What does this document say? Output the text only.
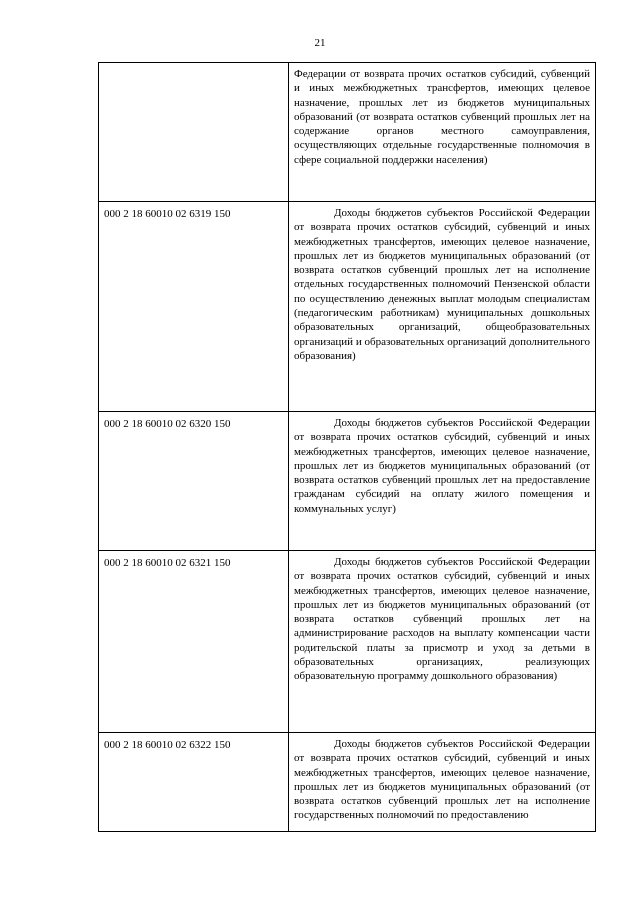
21

	Федерации от возврата прочих остатков субсидий, субвенций и иных межбюджетных трансфертов, имеющих целевое назначение, прошлых лет из бюджетов муниципальных образований (от возврата остатков субвенций прошлых лет на содержание органов местного самоуправления, осуществляющих отдельные государственные полномочия в сфере социальной поддержки населения)

000 2 18 60010 02 6319 150	Доходы бюджетов субъектов Российской Федерации от возврата прочих остатков субсидий, субвенций и иных межбюджетных трансфертов, имеющих целевое назначение, прошлых лет из бюджетов муниципальных образований (от возврата остатков субвенций прошлых лет на исполнение отдельных государственных полномочий Пензенской области по осуществлению денежных выплат молодым специалистам (педагогическим работникам) муниципальных дошкольных образовательных организаций, общеобразовательных организаций и образовательных организаций дополнительного образования)

000 2 18 60010 02 6320 150	Доходы бюджетов субъектов Российской Федерации от возврата прочих остатков субсидий, субвенций и иных межбюджетных трансфертов, имеющих целевое назначение, прошлых лет из бюджетов муниципальных образований (от возврата остатков субвенций прошлых лет на предоставление гражданам субсидий на оплату жилого помещения и коммунальных услуг)

000 2 18 60010 02 6321 150	Доходы бюджетов субъектов Российской Федерации от возврата прочих остатков субсидий, субвенций и иных межбюджетных трансфертов, имеющих целевое назначение, прошлых лет из бюджетов муниципальных образований (от возврата остатков субвенций прошлых лет на администрирование расходов на выплату компенсации части родительской платы за присмотр и уход за детьми в образовательных организациях, реализующих образовательную программу дошкольного образования)

000 2 18 60010 02 6322 150	Доходы бюджетов субъектов Российской Федерации от возврата прочих остатков субсидий, субвенций и иных межбюджетных трансфертов, имеющих целевое назначение, прошлых лет из бюджетов муниципальных образований (от возврата остатков субвенций прошлых лет на исполнение государственных полномочий по предоставлению
